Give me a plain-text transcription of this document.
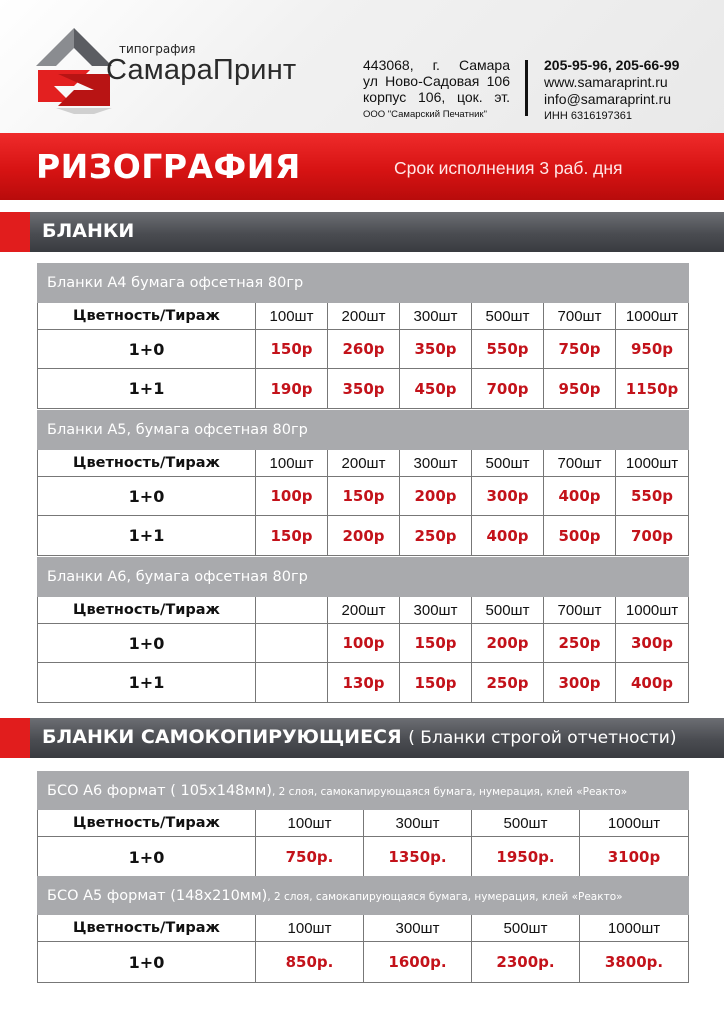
типография
СамараПринт	443068, г. Самара
ул Ново-Садовая 106
корпус 106, цок. эт.
ООО "Самарский Печатник"
205-95-96, 205-66-99
www.samaraprint.ru
info@samaraprint.ru
ИНН 6316197361
РИЗОГРАФИЯ	Срок исполнения 3 раб. дня
БЛАНКИ
Бланки А4 бумага офсетная 80гр						
Цветность/Тираж	100шт	200шт	300шт	500шт	700шт	1000шт
1+0	150р	260р	350р	550р	750р	950р
1+1	190р	350р	450р	700р	950р	1150р
Бланки А5, бумага офсетная 80гр						
Цветность/Тираж	100шт	200шт	300шт	500шт	700шт	1000шт
1+0	100р	150р	200р	300р	400р	550р
1+1	150р	200р	250р	400р	500р	700р
Бланки А6, бумага офсетная 80гр						
Цветность/Тираж		200шт	300шт	500шт	700шт	1000шт
1+0		100р	150р	200р	250р	300р
1+1		130р	150р	250р	300р	400р
БЛАНКИ САМОКОПИРУЮЩИЕСЯ ( Бланки строгой отчетности)
БСО А6 формат ( 105х148мм), 2 слоя, самокапирующаяся бумага, нумерация, клей «Реакто»				
Цветность/Тираж	100шт	300шт	500шт	1000шт
1+0	750р.	1350р.	1950р.	3100р
БСО А5 формат (148х210мм), 2 слоя, самокапирующаяся бумага, нумерация, клей «Реакто»				
Цветность/Тираж	100шт	300шт	500шт	1000шт
1+0	850р.	1600р.	2300р.	3800р.
